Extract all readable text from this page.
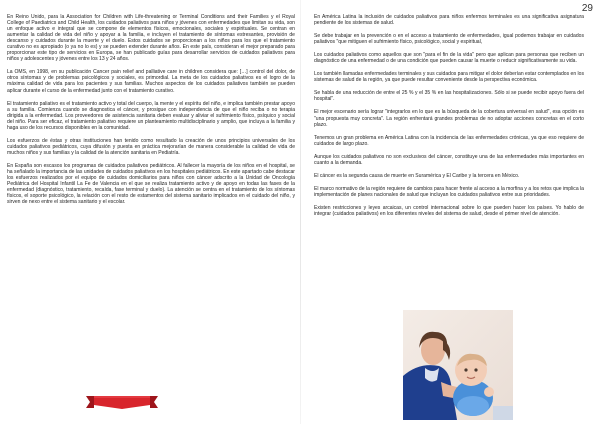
29

En Reino Unido, para la Association for Children with Life-threatening or Terminal Conditions and their Families y el Royal College of Paediatrics and Child Health, los cuidados paliativos para niños y jóvenes con enfermedades que limitan su vida, son un enfoque activo e integral que se compone de elementos físicos, emocionales, sociales y espirituales. Se centran en aumentar la calidad de vida del niño y apoyar a la familia, e incluyen el tratamiento de síntomas estresantes, provisión de descanso y cuidados durante la muerte y el duelo. Estos cuidados se proporcionan a los niños para los que el tratamiento curativo no es apropiado (o ya no lo es) y se pueden extender durante años. En este país, consideran el mejor preparado para proporcionar este tipo de servicios en Europa, se han publicado guías para desarrollar servicios de cuidados paliativos para niños y adolescentes y jóvenes entre los 13 y 24 años.

La OMS, en 1998, en su publicación Cancer pain relief and palliative care in children considera que: […] control del dolor, de otros síntomas y de problemas psicológicos y sociales, es primordial. La meta de los cuidados paliativos es el logro de la máxima calidad de vida para los pacientes y sus familias. Muchos aspectos de los cuidados paliativos también se pueden aplicar durante el curso de la enfermedad junto con el tratamiento curativo.

El tratamiento paliativo es el tratamiento activo y total del cuerpo, la mente y el espíritu del niño, e implica también prestar apoyo a su familia. Comienza cuando se diagnostica el cáncer, y prosigue con independencia de que el niño reciba o no terapia dirigida a la enfermedad. Los proveedores de asistencia sanitaria deben evaluar y aliviar el sufrimiento físico, psíquico y social del niño. Para ser eficaz, el tratamiento paliativo requiere un planteamiento multidisciplinario y amplio, que incluya a la familia y haga uso de los recursos disponibles en la comunidad.

Los esfuerzos de éstas y otras instituciones han tenido como resultado la creación de unos principios universales de los cuidados paliativos pediátricos, cuya difusión y puesta en práctica mejorarían de manera considerable la calidad de vida de muchos niños y sus familias y la calidad de la atención sanitaria en Pediatría.

En España son escasos los programas de cuidados paliativos pediátricos. Al fallecer la mayoría de los niños en el hospital, se ha señalado la importancia de las unidades de cuidados paliativos en los hospitales pediátricos. En este apartado cabe destacar los esfuerzos realizados por el equipo de cuidados domiciliarios para niños con cáncer adscrito a la Unidad de Oncología Pediátrica del Hospital Infantil La Fe de Valencia en el que se realiza tratamiento activo y de apoyo en todas las fases de la enfermedad (diagnóstico, tratamiento, recaída, fase terminal y duelo). La atención se centra en el tratamiento de los síntomas físicos, el soporte psicológico, la relación con el resto de estamentos del sistema sanitario implicados en el cuidado del niño, y sirven de nexo entre el sistema sanitario y el escolar.

En América Latina la inclusión de cuidados paliativos para niños enfermos terminales es una significativa asignatura pendiente de los sistemas de salud.

Se debe trabajar en la prevención o en el acceso a tratamiento de enfermedades, igual podemos trabajar en cuidados paliativos "que mitiguen el sufrimiento físico, psicológico, social y espiritual,

Los cuidados paliativos como aquellos que son "para el fin de la vida" pero que aplican para personas que reciben un diagnóstico de una enfermedad o de una condición que pueden causar la muerte o reducir significativamente su vida.

Los también llamadas enfermedades terminales y sus cuidados para mitigar el dolor deberían estar contemplados en los sistemas de salud de la región, ya que puede resultar conveniente desde la perspectiva económica.

Se habla de una reducción de entre el 25 % y el 35 % en las hospitalizaciones. Sólo si se puede recibir apoyo fuera del hospital".

El mejor escenario sería lograr "integrarlos en lo que es la búsqueda de la cobertura universal en salud", esa opción es "una propuesta muy concreta". La región enfrentará grandes problemas de no adoptar acciones concretas en el corto plazo.

Tenemos un gran problema en América Latina con la incidencia de las enfermedades crónicas, ya que eso requiere de cuidados de largo plazo.

Aunque los cuidados paliativos no son exclusivos del cáncer, constituye una de las enfermedades más importantes en cuanto a la demanda.

El cáncer es la segunda causa de muerte en Suramérica y El Caribe y la tercera en México.

El marco normativo de la región requiere de cambios para hacer frente al acceso a la morfina y a los retos que implica la implementación de planes nacionales de salud que incluyan los cuidados paliativos entre sus prioridades.

Existen restricciones y leyes arcaicas, un control internacional sobre lo que pueden hacer los países. Yo hablo de integrar (cuidados paliativos) en los diferentes niveles del sistema de salud, desde el primer nivel de atención.
